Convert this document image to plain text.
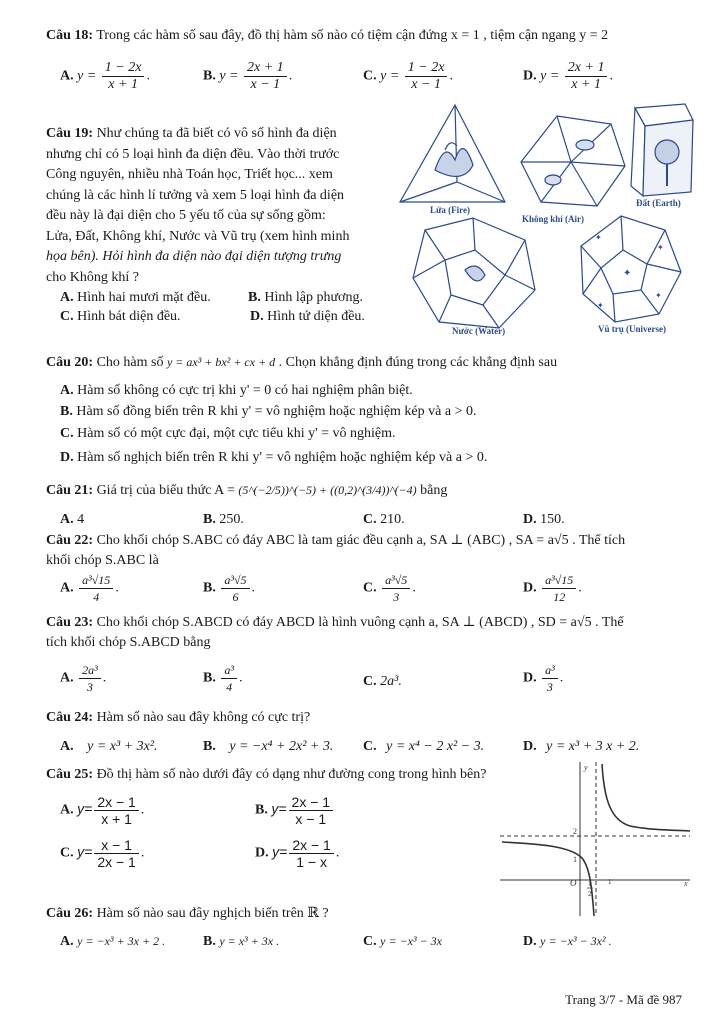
Câu 18: Trong các hàm số sau đây, đồ thị hàm số nào có tiệm cận đứng x = 1 , tiệm cận ngang y = 2
A. $y = \frac{1 - 2x}{x + 1}$ .	B. $y = \frac{2x + 1}{x - 1}$ .	C. $y = \frac{1 - 2x}{x - 1}$ .	D. $y = \frac{2x + 1}{x + 1}$ .
Câu 19: Như chúng ta đã biết có vô số hình đa diện
nhưng chỉ có 5 loại hình đa diện đều. Vào thời trước
Công nguyên, nhiều nhà Toán học, Triết học... xem
chúng là các hình lí tưởng và xem 5 loại hình đa diện
đều này là đại diện cho 5 yếu tố của sự sống gồm:
Lửa, Đất, Không khí, Nước và Vũ trụ (xem hình minh
họa bên). Hỏi hình đa diện nào đại diện tượng trưng
cho Không khí ?
A. Hình hai mươi mặt đều.	B. Hình lập phương.
C. Hình bát diện đều.	D. Hình tứ diện đều.
✦
✦
✦
✦
✦
Lửa (Fire)
Không khí (Air)
Đất (Earth)
Nước (Water)	Vũ trụ (Universe)
Câu 20: Cho hàm số y = ax³ + bx² + cx + d . Chọn khẳng định đúng trong các khẳng định sau
A. Hàm số không có cực trị khi y' = 0 có hai nghiệm phân biệt.
B. Hàm số đồng biến trên R khi y' = vô nghiệm hoặc nghiệm kép và a > 0.
C. Hàm số có một cực đại, một cực tiểu khi y' = vô nghiệm.
D. Hàm số nghịch biến trên R khi y' = vô nghiệm hoặc nghiệm kép và a > 0.
Câu 21: Giá trị của biểu thức A = (5^(−2/5))^(−5) + ((0,2)^(3/4))^(−4) bằng
A. 4	B. 250.	C. 210.	D. 150.
Câu 22: Cho khối chóp S.ABC có đáy ABC là tam giác đều cạnh a, SA ⊥ (ABC) , SA = a√5 . Thể tích
khối chóp S.ABC là
A. $\frac{\text{a³√15}}{4}$ .	B. $\frac{\text{a³√5}}{6}$ .	C. $\frac{\text{a³√5}}{3}$ .	D. $\frac{\text{a³√15}}{12}$ .
Câu 23: Cho khối chóp S.ABCD có đáy ABCD là hình vuông cạnh a, SA ⊥ (ABCD) , SD = a√5 . Thể
tích khối chóp S.ABCD bằng
A. $\frac{\text{2a³}}{3}$ .	B. $\frac{\text{a³}}{4}$ .	C. 2a³.	D. $\frac{\text{a³}}{3}$ .
Câu 24: Hàm số nào sau đây không có cực trị?
A. y = x³ + 3x².	B. y = −x⁴ + 2x² + 3. C. y = x⁴ − 2 x² − 3.	D. y = x³ + 3 x + 2.
Câu 25: Đồ thị hàm số nào dưới đây có dạng như đường cong trong hình bên?
A. $y= \frac{2x - 1}{x + 1}$ .	B. $y= \frac{2x - 1}{x - 1}$
C. $y= \frac{x - 1}{2x - 1}$ .	D. $y= \frac{2x - 1}{1 - x}$ .
y
x
O
2
1
1
2
1
Câu 26: Hàm số nào sau đây nghịch biến trên ℝ ?
A. y = −x³ + 3x + 2 .	B. y = x³ + 3x .	C. y = −x³ − 3x	D. y = −x³ − 3x² .
Trang 3/7 - Mã đề 987
